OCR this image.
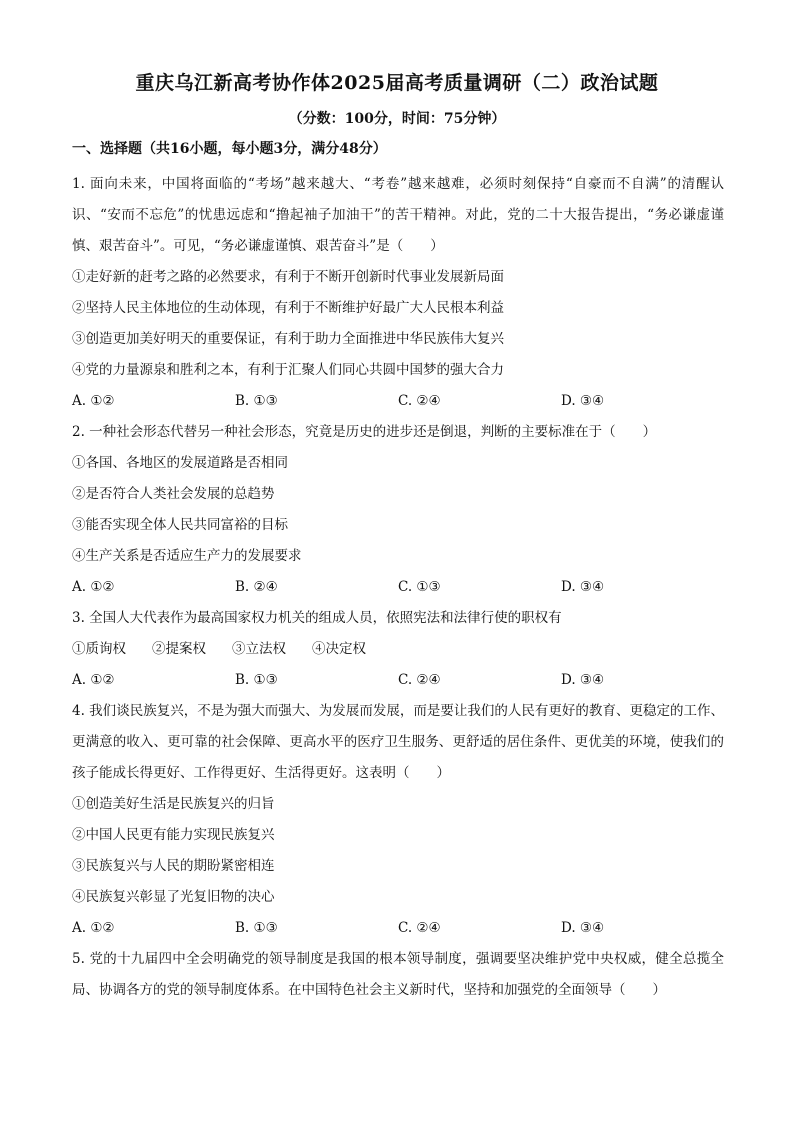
重庆乌江新高考协作体2025届高考质量调研（二）政治试题
（分数：100分，时间：75分钟）
一、选择题（共16小题，每小题3分，满分48分）

1. 面向未来，中国将面临的“考场”越来越大、“考卷”越来越难，必须时刻保持“自豪而不自满”的清醒认识、“安而不忘危”的忧患远虑和“撸起袖子加油干”的苦干精神。对此，党的二十大报告提出，“务必谦虚谨慎、艰苦奋斗”。可见，“务必谦虚谨慎、艰苦奋斗”是（　　）

①走好新的赶考之路的必然要求，有利于不断开创新时代事业发展新局面

②坚持人民主体地位的生动体现，有利于不断维护好最广大人民根本利益

③创造更加美好明天的重要保证，有利于助力全面推进中华民族伟大复兴

④党的力量源泉和胜利之本，有利于汇聚人们同心共圆中国梦的强大合力

A. ①②	B. ①③	C. ②④	D. ③④

2. 一种社会形态代替另一种社会形态，究竟是历史的进步还是倒退，判断的主要标准在于（　　）

①各国、各地区的发展道路是否相同

②是否符合人类社会发展的总趋势

③能否实现全体人民共同富裕的目标

④生产关系是否适应生产力的发展要求

A. ①②	B. ②④	C. ①③	D. ③④

3. 全国人大代表作为最高国家权力机关的组成人员，依照宪法和法律行使的职权有

①质询权 ②提案权 ③立法权 ④决定权
A. ①②	B. ①③	C. ②④	D. ③④

4. 我们谈民族复兴，不是为强大而强大、为发展而发展，而是要让我们的人民有更好的教育、更稳定的工作、更满意的收入、更可靠的社会保障、更高水平的医疗卫生服务、更舒适的居住条件、更优美的环境，使我们的孩子能成长得更好、工作得更好、生活得更好。这表明（　　）

①创造美好生活是民族复兴的归旨

②中国人民更有能力实现民族复兴

③民族复兴与人民的期盼紧密相连

④民族复兴彰显了光复旧物的决心

A. ①②	B. ①③	C. ②④	D. ③④

5. 党的十九届四中全会明确党的领导制度是我国的根本领导制度，强调要坚决维护党中央权威，健全总揽全局、协调各方的党的领导制度体系。在中国特色社会主义新时代，坚持和加强党的全面领导（　　）
